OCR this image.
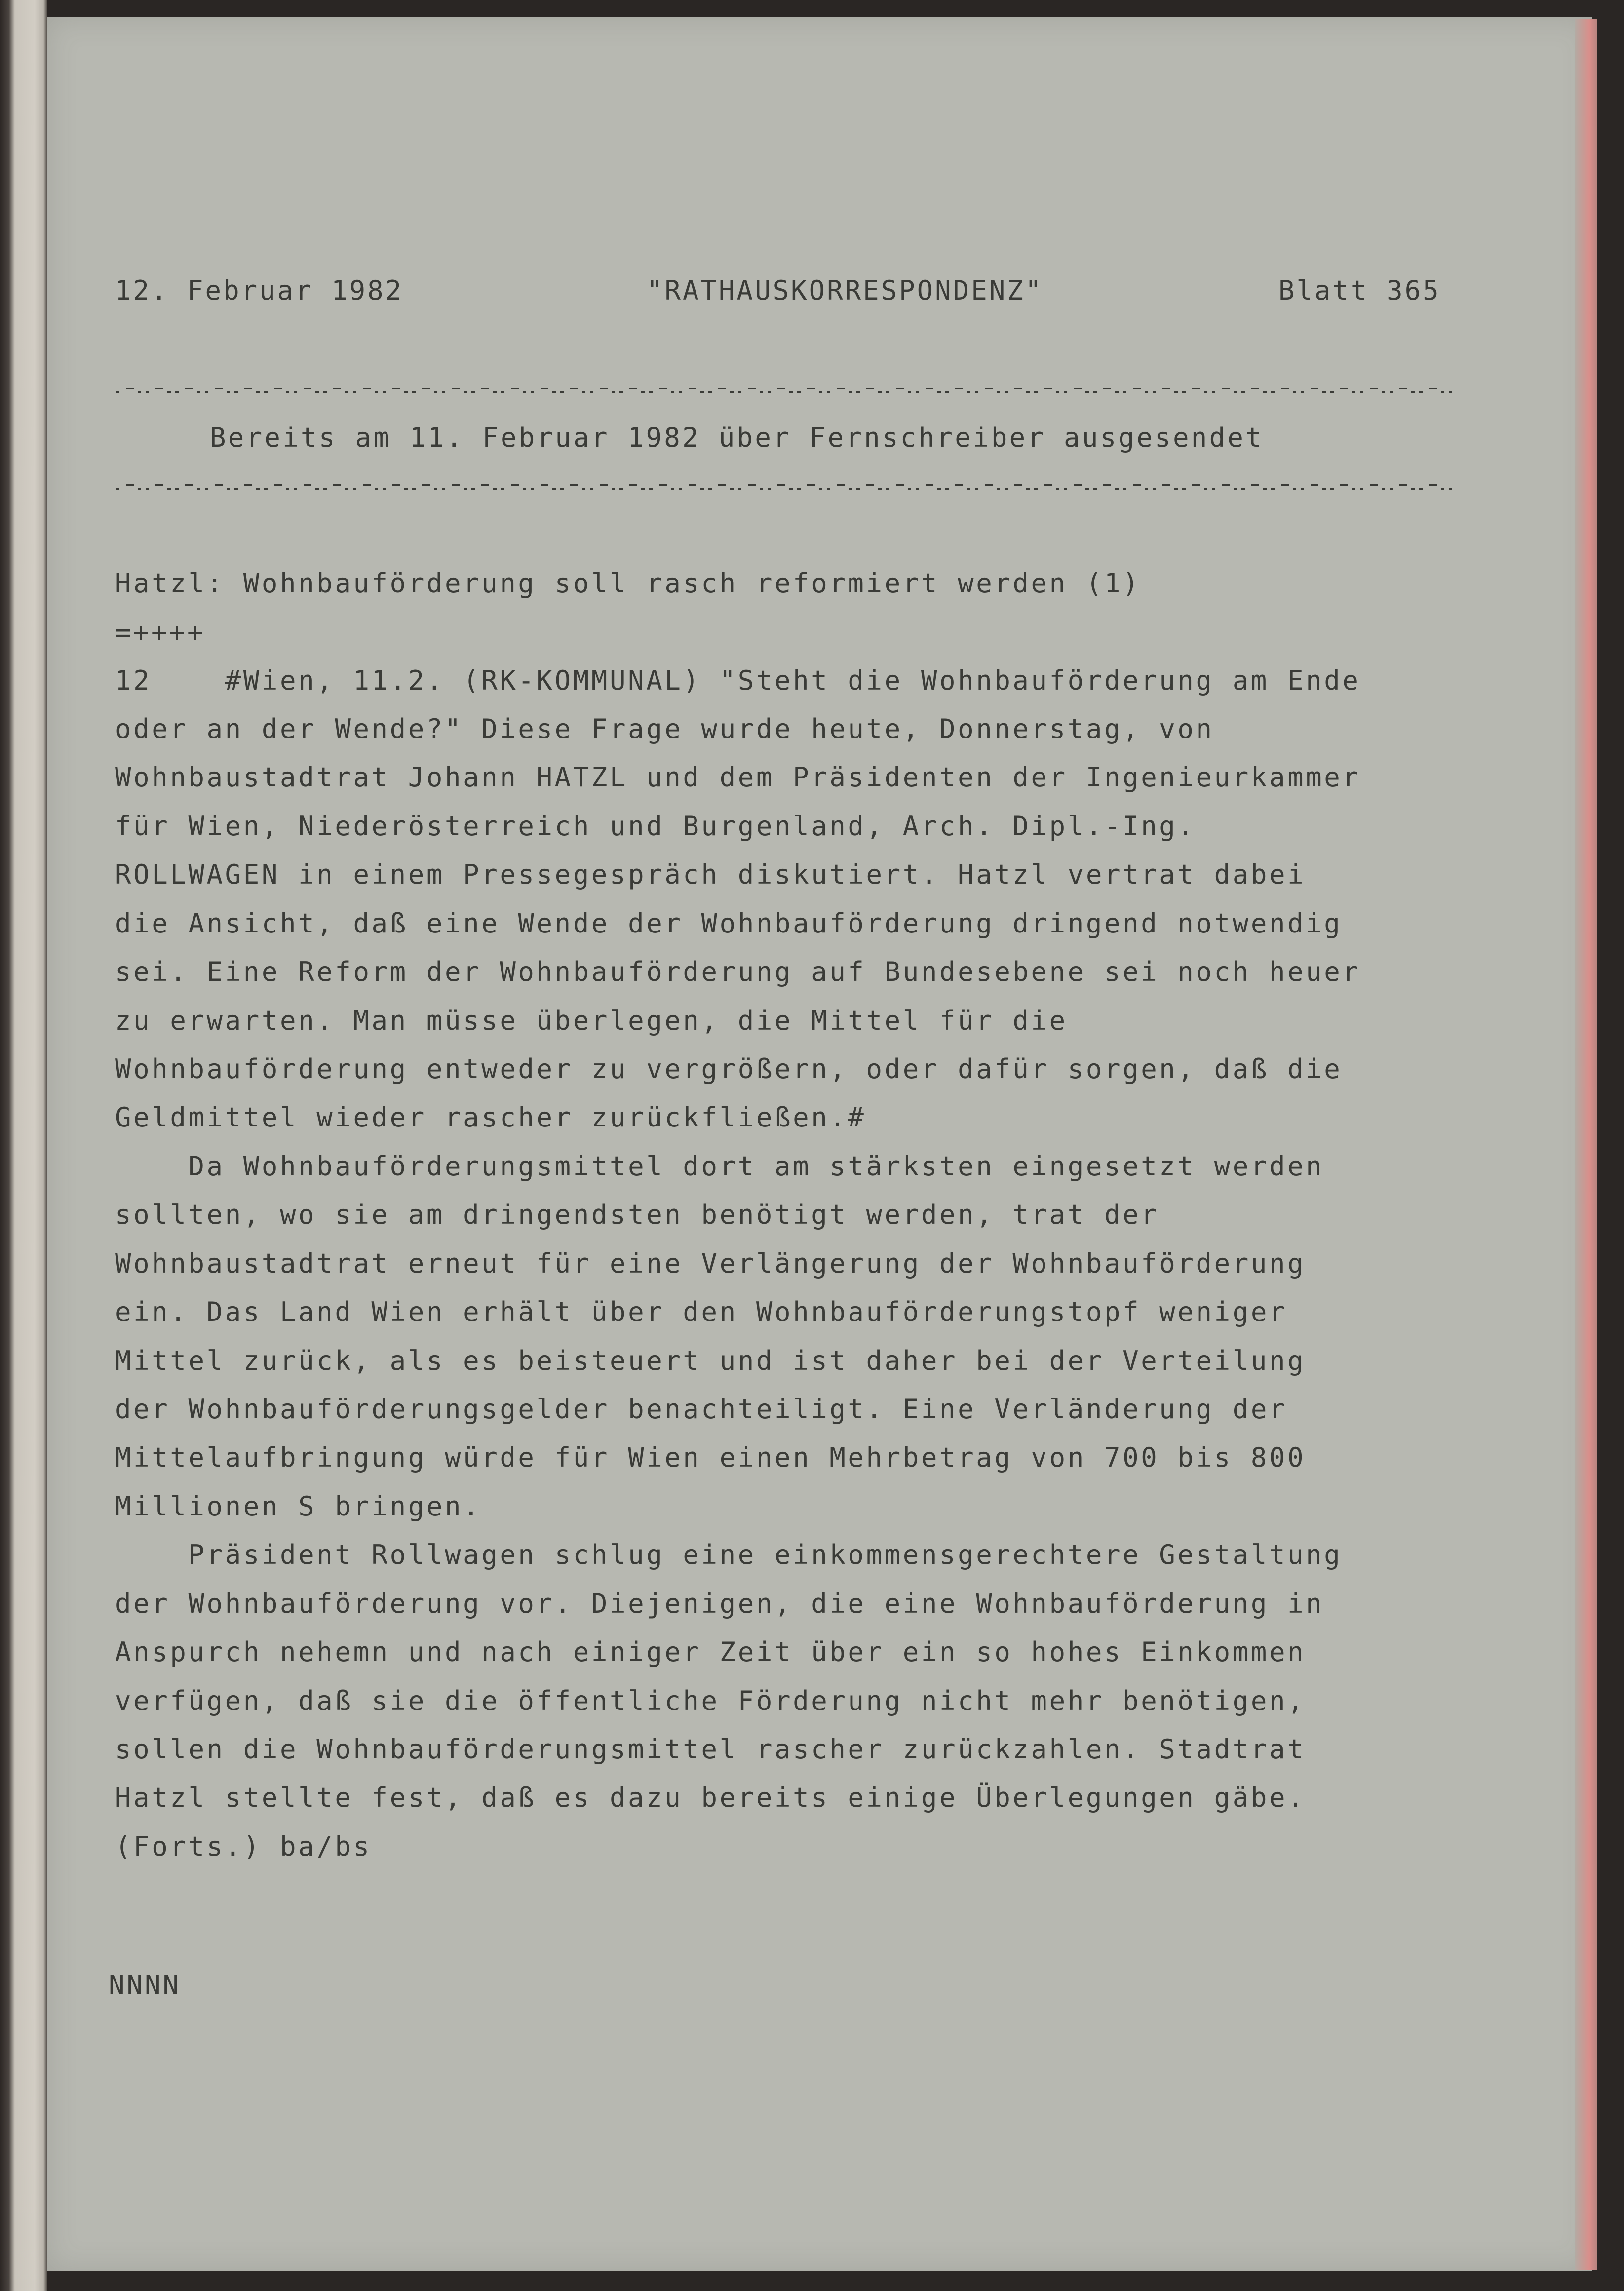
12. Februar 1982	"RATHAUSKORRESPONDENZ"	Blatt 365
Bereits am 11. Februar 1982 über Fernschreiber ausgesendet
Hatzl: Wohnbauförderung soll rasch reformiert werden (1)
=++++
12    #Wien, 11.2. (RK-KOMMUNAL) "Steht die Wohnbauförderung am Ende
oder an der Wende?" Diese Frage wurde heute, Donnerstag, von
Wohnbaustadtrat Johann HATZL und dem Präsidenten der Ingenieurkammer
für Wien, Niederösterreich und Burgenland, Arch. Dipl.-Ing.
ROLLWAGEN in einem Pressegespräch diskutiert. Hatzl vertrat dabei
die Ansicht, daß eine Wende der Wohnbauförderung dringend notwendig
sei. Eine Reform der Wohnbauförderung auf Bundesebene sei noch heuer
zu erwarten. Man müsse überlegen, die Mittel für die
Wohnbauförderung entweder zu vergrößern, oder dafür sorgen, daß die
Geldmittel wieder rascher zurückfließen.#
Da Wohnbauförderungsmittel dort am stärksten eingesetzt werden
sollten, wo sie am dringendsten benötigt werden, trat der
Wohnbaustadtrat erneut für eine Verlängerung der Wohnbauförderung
ein. Das Land Wien erhält über den Wohnbauförderungstopf weniger
Mittel zurück, als es beisteuert und ist daher bei der Verteilung
der Wohnbauförderungsgelder benachteiligt. Eine Verländerung der
Mittelaufbringung würde für Wien einen Mehrbetrag von 700 bis 800
Millionen S bringen.
Präsident Rollwagen schlug eine einkommensgerechtere Gestaltung
der Wohnbauförderung vor. Diejenigen, die eine Wohnbauförderung in
Anspurch nehemn und nach einiger Zeit über ein so hohes Einkommen
verfügen, daß sie die öffentliche Förderung nicht mehr benötigen,
sollen die Wohnbauförderungsmittel rascher zurückzahlen. Stadtrat
Hatzl stellte fest, daß es dazu bereits einige Überlegungen gäbe.
(Forts.) ba/bs
NNNN
